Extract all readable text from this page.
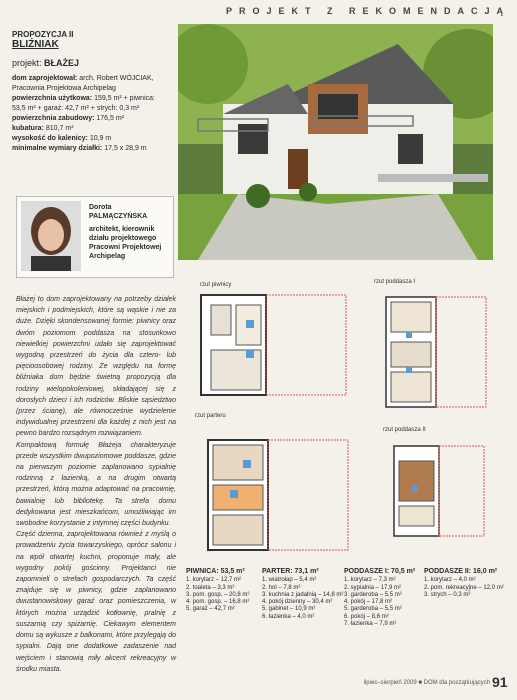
PROJEKT Z REKOMENDACJĄ

PROPOZYCJA II

BLIŹNIAK

projekt: BŁAŻEJ

dom zaprojektował: arch. Robert WÓJCIAK, Pracownia Projektowa Archipelag

powierzchnia użytkowa: 159,5 m² + piwnica: 53,5 m² + garaż: 42,7 m² + strych: 0,3 m²

powierzchnia zabudowy: 176,5 m²

kubatura: 810,7 m³

wysokość do kalenicy: 10,9 m

minimalne wymiary działki: 17,5 x 28,9 m

Dorota
PALMĄCZYŃSKA
architekt, kierownik działu projektowego Pracowni Projektowej Archipelag

Błażej to dom zaprojektowany na potrzeby działek miejskich i podmiejskich, które są wąskie i nie za duże. Dzięki skondensowanej formie: piwnicy oraz dwóm poziomom poddasza na stosunkowo niewielkiej powierzchni udało się zaprojektować wygodną przestrzeń do życia dla cztero- lub pięcioosobowej rodziny. Ze względu na formę bliźniaka dom będzie świetną propozycją dla rodziny wielopokoleniowej, składającej się z dorosłych dzieci i ich rodziców. Bliskie sąsiedztwo (przez ścianę), ale równocześnie wydzielenie indywidualnej przestrzeni dla każdej z nich jest na pewno bardzo rozsądnym rozwiązaniem.

Kompaktową formułę Błażeja charakteryzuje przede wszystkim dwupoziomowe poddasze, gdzie na pierwszym poziomie zaplanowano sypialnię rodzinną z łazienką, a na drugim otwartą przestrzeń, którą można adaptować na pracownię, bawialnię lub bibliotekę. Ta strefa domu dedykowana jest mieszkańcom, umożliwiając im swobodne korzystanie z intymnej części budynku.

Część dzienna, zaprojektowana również z myślą o prowadzeniu życia towarzyskiego, oprócz salonu i na wpół otwartej kuchni, proponuje mały, ale wygodny pokój gościnny. Projektanci nie zapomnieli o strefach gospodarczych. Ta część znajduje się w piwnicy, gdzie zaplanowano dwustanowiskowy garaż oraz pomieszczenia, w których można urządzić kotłownię, pralnię z suszarnią czy spiżarnię. Ciekawym elementem domu są wykusze z balkonami, które przylegają do sypialni. Dają one dodatkowe zadaszenie nad wejściem i stanowią miły akcent rekreacyjny w środku miasta.

rzut piwnicy	rzut poddasza I
rzut parteru
rzut poddasza II
PIWNICA: 53,5 m²
1. korytarz – 12,7 m²
2. toaleta – 3,3 m²
3. pom. gosp. – 20,8 m²
4. pom. gosp. – 16,8 m²
5. garaż – 42,7 m²
PARTER: 73,1 m²
1. wiatrołap – 5,4 m²
2. hol – 7,8 m²
3. kuchnia z jadalnią – 14,8 m²
4. pokój dzienny – 30,4 m²
5. gabinet – 10,9 m²
6. łazienka – 4,0 m²
PODDASZE I: 70,5 m²
1. korytarz – 7,3 m²
2. sypialnia – 17,9 m²
3. garderoba – 5,5 m²
4. pokój – 17,8 m²
5. garderoba – 5,5 m²
6. pokój – 8,6 m²
7. łazienka – 7,9 m²
PODDASZE II: 16,0 m²
1. korytarz – 4,0 m²
2. pom. rekreacyjne – 12,0 m²
3. strych – 0,3 m²
lipiec–sierpień 2009 ■ DOM dla początkujących 91
